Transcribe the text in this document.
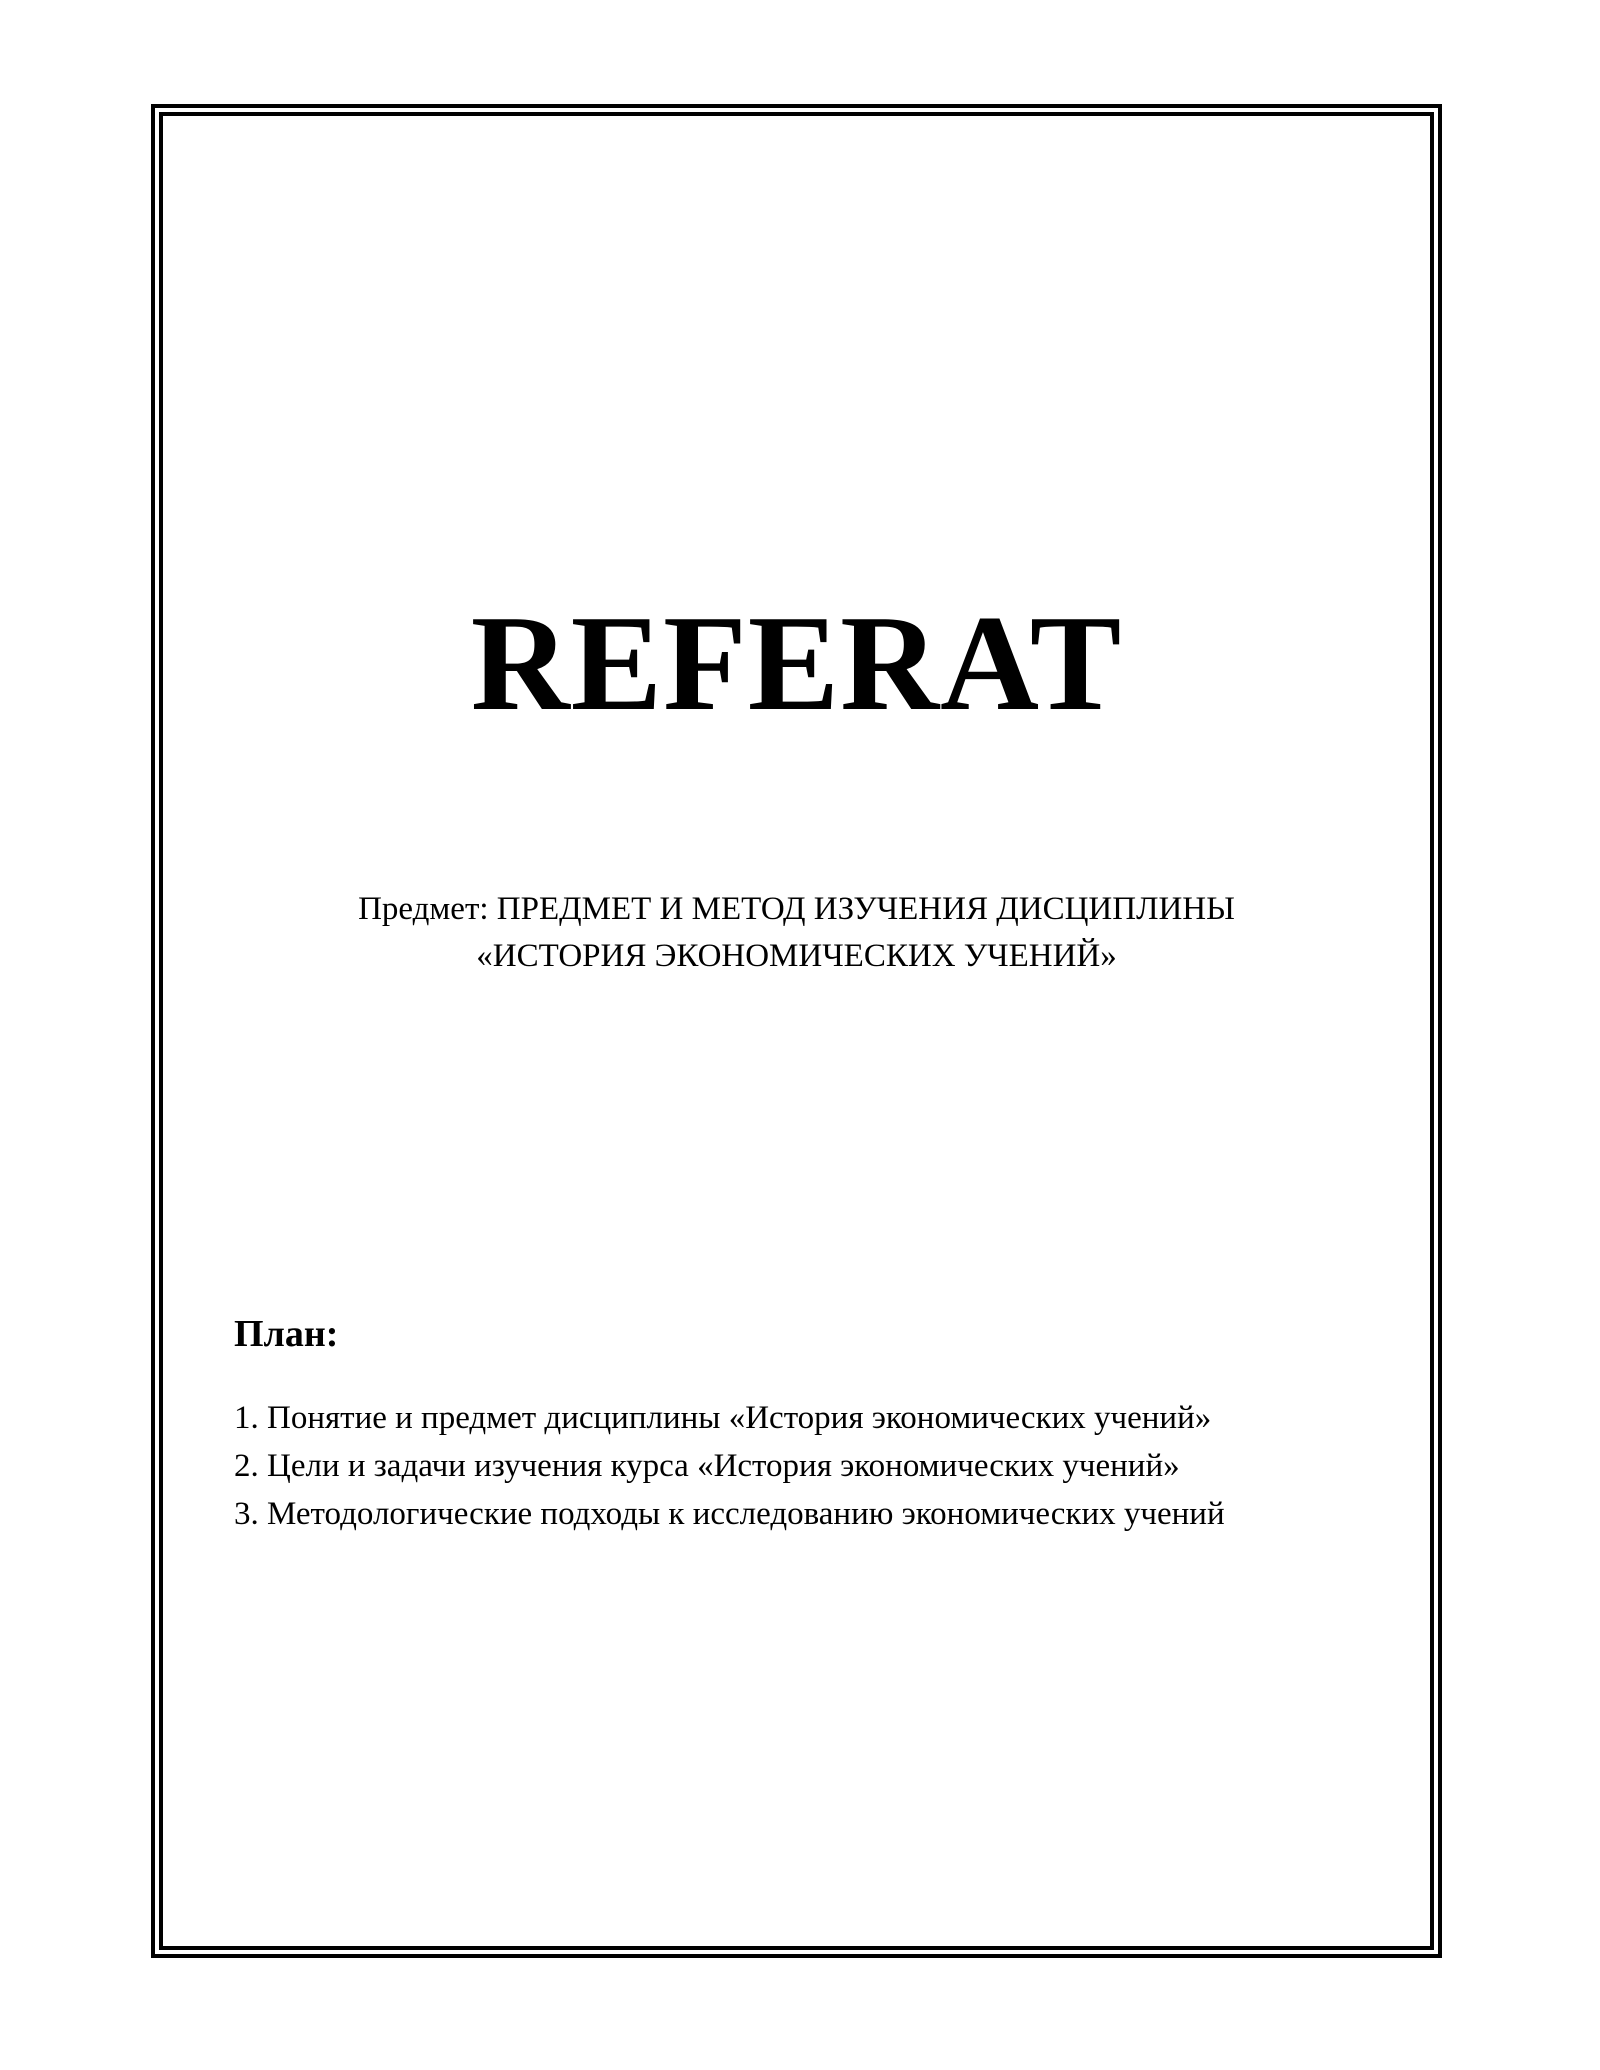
REFERAT
Предмет: ПРЕДМЕТ И МЕТОД ИЗУЧЕНИЯ ДИСЦИПЛИНЫ
«ИСТОРИЯ ЭКОНОМИЧЕСКИХ УЧЕНИЙ»
План:
1. Понятие и предмет дисциплины «История экономических учений»
2. Цели и задачи изучения курса «История экономических учений»
3. Методологические подходы к исследованию экономических учений
